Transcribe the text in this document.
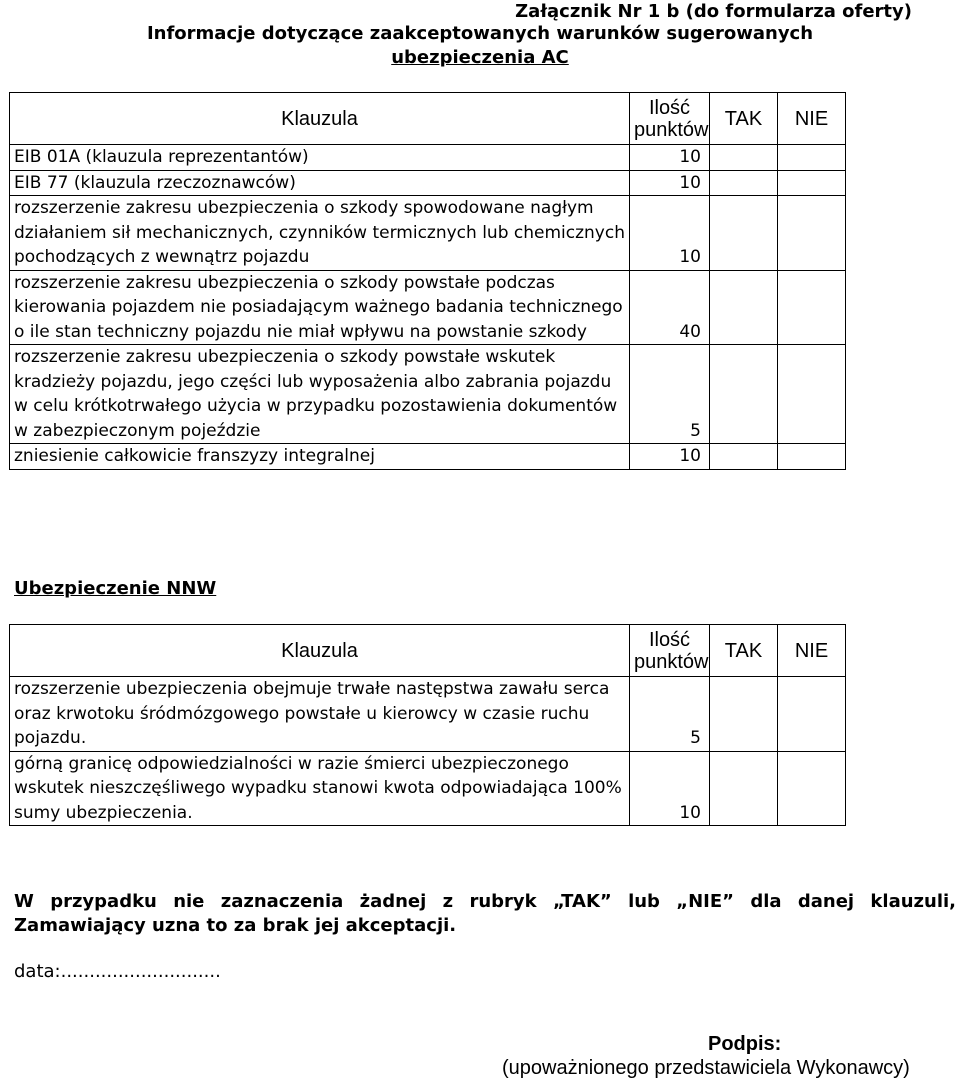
Załącznik Nr 1 b (do formularza oferty)
Informacje dotyczące zaakceptowanych warunków sugerowanych
ubezpieczenia AC
Klauzula	Ilość punktów	TAK	NIE
EIB 01A (klauzula reprezentantów)	10		
EIB 77 (klauzula rzeczoznawców)	10		
rozszerzenie zakresu ubezpieczenia o szkody spowodowane nagłym działaniem sił mechanicznych, czynników termicznych lub chemicznych pochodzących z wewnątrz pojazdu	10		
rozszerzenie zakresu ubezpieczenia o szkody powstałe podczas kierowania pojazdem nie posiadającym ważnego badania technicznego o ile stan techniczny pojazdu nie miał wpływu na powstanie szkody	40		
rozszerzenie zakresu ubezpieczenia o szkody powstałe wskutek kradzieży pojazdu, jego części lub wyposażenia albo zabrania pojazdu w celu krótkotrwałego użycia w przypadku pozostawienia dokumentów w zabezpieczonym pojeździe	5		
zniesienie całkowicie franszyzy integralnej	10		
Ubezpieczenie NNW
Klauzula	Ilość punktów	TAK	NIE
rozszerzenie ubezpieczenia obejmuje trwałe następstwa zawału serca oraz krwotoku śródmózgowego powstałe u kierowcy w czasie ruchu pojazdu.	5		
górną granicę odpowiedzialności w razie śmierci ubezpieczonego wskutek nieszczęśliwego wypadku stanowi kwota odpowiadająca 100% sumy ubezpieczenia.	10		
W przypadku nie zaznaczenia żadnej z rubryk „TAK” lub „NIE” dla danej klauzuli, Zamawiający uzna to za brak jej akceptacji.
data:............................
Podpis:
(upoważnionego przedstawiciela Wykonawcy)
